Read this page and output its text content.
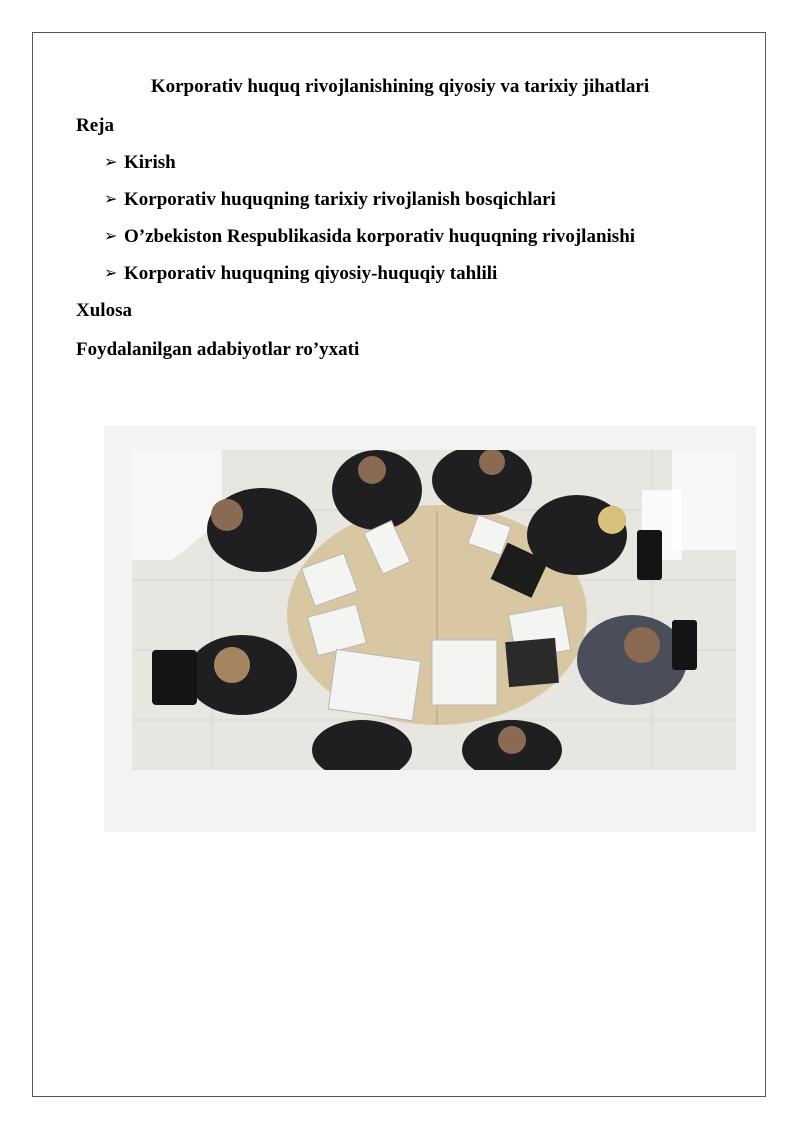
Korporativ huquq rivojlanishining qiyosiy va tarixiy jihatlari
Reja
➢ Kirish
➢ Korporativ huquqning tarixiy rivojlanish bosqichlari
➢ O’zbekiston Respublikasida korporativ huquqning rivojlanishi
➢ Korporativ huquqning qiyosiy-huquqiy tahlili
Xulosa
Foydalanilgan adabiyotlar ro’yxati
